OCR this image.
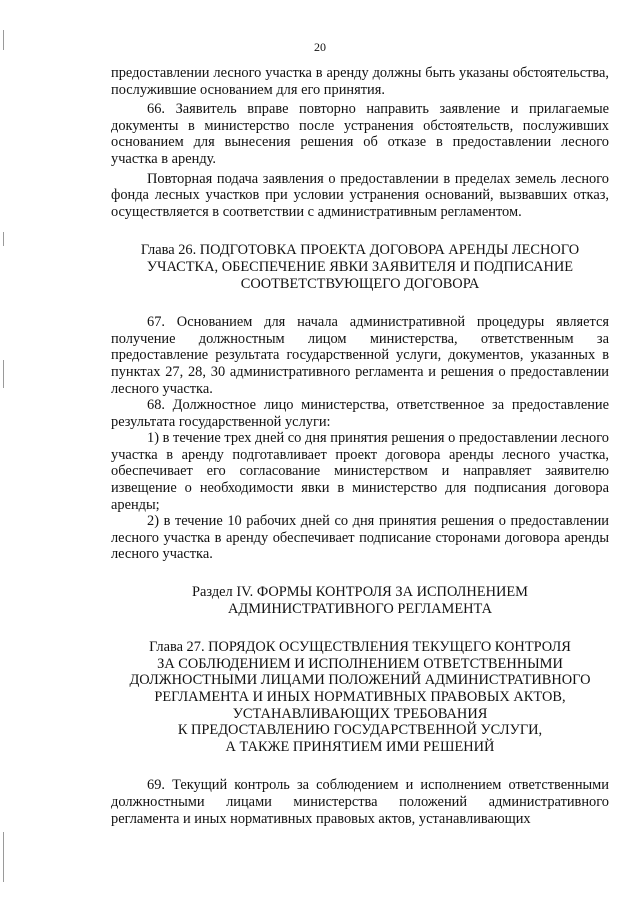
20

предоставлении лесного участка в аренду должны быть указаны обстоятельства, послужившие основанием для его принятия.

66. Заявитель вправе повторно направить заявление и прилагаемые документы в министерство после устранения обстоятельств, послуживших основанием для вынесения решения об отказе в предоставлении лесного участка в аренду.

Повторная подача заявления о предоставлении в пределах земель лесного фонда лесных участков при условии устранения оснований, вызвавших отказ, осуществляется в соответствии с административным регламентом.

Глава 26. ПОДГОТОВКА ПРОЕКТА ДОГОВОРА АРЕНДЫ ЛЕСНОГО
УЧАСТКА, ОБЕСПЕЧЕНИЕ ЯВКИ ЗАЯВИТЕЛЯ И ПОДПИСАНИЕ
СООТВЕТСТВУЮЩЕГО ДОГОВОРА

67. Основанием для начала административной процедуры является получение должностным лицом министерства, ответственным за предоставление результата государственной услуги, документов, указанных в пунктах 27, 28, 30 административного регламента и решения о предоставлении лесного участка.

68. Должностное лицо министерства, ответственное за предоставление результата государственной услуги:

1) в течение трех дней со дня принятия решения о предоставлении лесного участка в аренду подготавливает проект договора аренды лесного участка, обеспечивает его согласование министерством и направляет заявителю извещение о необходимости явки в министерство для подписания договора аренды;

2) в течение 10 рабочих дней со дня принятия решения о предоставлении лесного участка в аренду обеспечивает подписание сторонами договора аренды лесного участка.

Раздел IV. ФОРМЫ КОНТРОЛЯ ЗА ИСПОЛНЕНИЕМ
АДМИНИСТРАТИВНОГО РЕГЛАМЕНТА
Глава 27. ПОРЯДОК ОСУЩЕСТВЛЕНИЯ ТЕКУЩЕГО КОНТРОЛЯ
ЗА СОБЛЮДЕНИЕМ И ИСПОЛНЕНИЕМ ОТВЕТСТВЕННЫМИ
ДОЛЖНОСТНЫМИ ЛИЦАМИ ПОЛОЖЕНИЙ АДМИНИСТРАТИВНОГО
РЕГЛАМЕНТА И ИНЫХ НОРМАТИВНЫХ ПРАВОВЫХ АКТОВ,
УСТАНАВЛИВАЮЩИХ ТРЕБОВАНИЯ
К ПРЕДОСТАВЛЕНИЮ ГОСУДАРСТВЕННОЙ УСЛУГИ,
А ТАКЖЕ ПРИНЯТИЕМ ИМИ РЕШЕНИЙ

69. Текущий контроль за соблюдением и исполнением ответственными должностными лицами министерства положений административного регламента и иных нормативных правовых актов, устанавливающих
